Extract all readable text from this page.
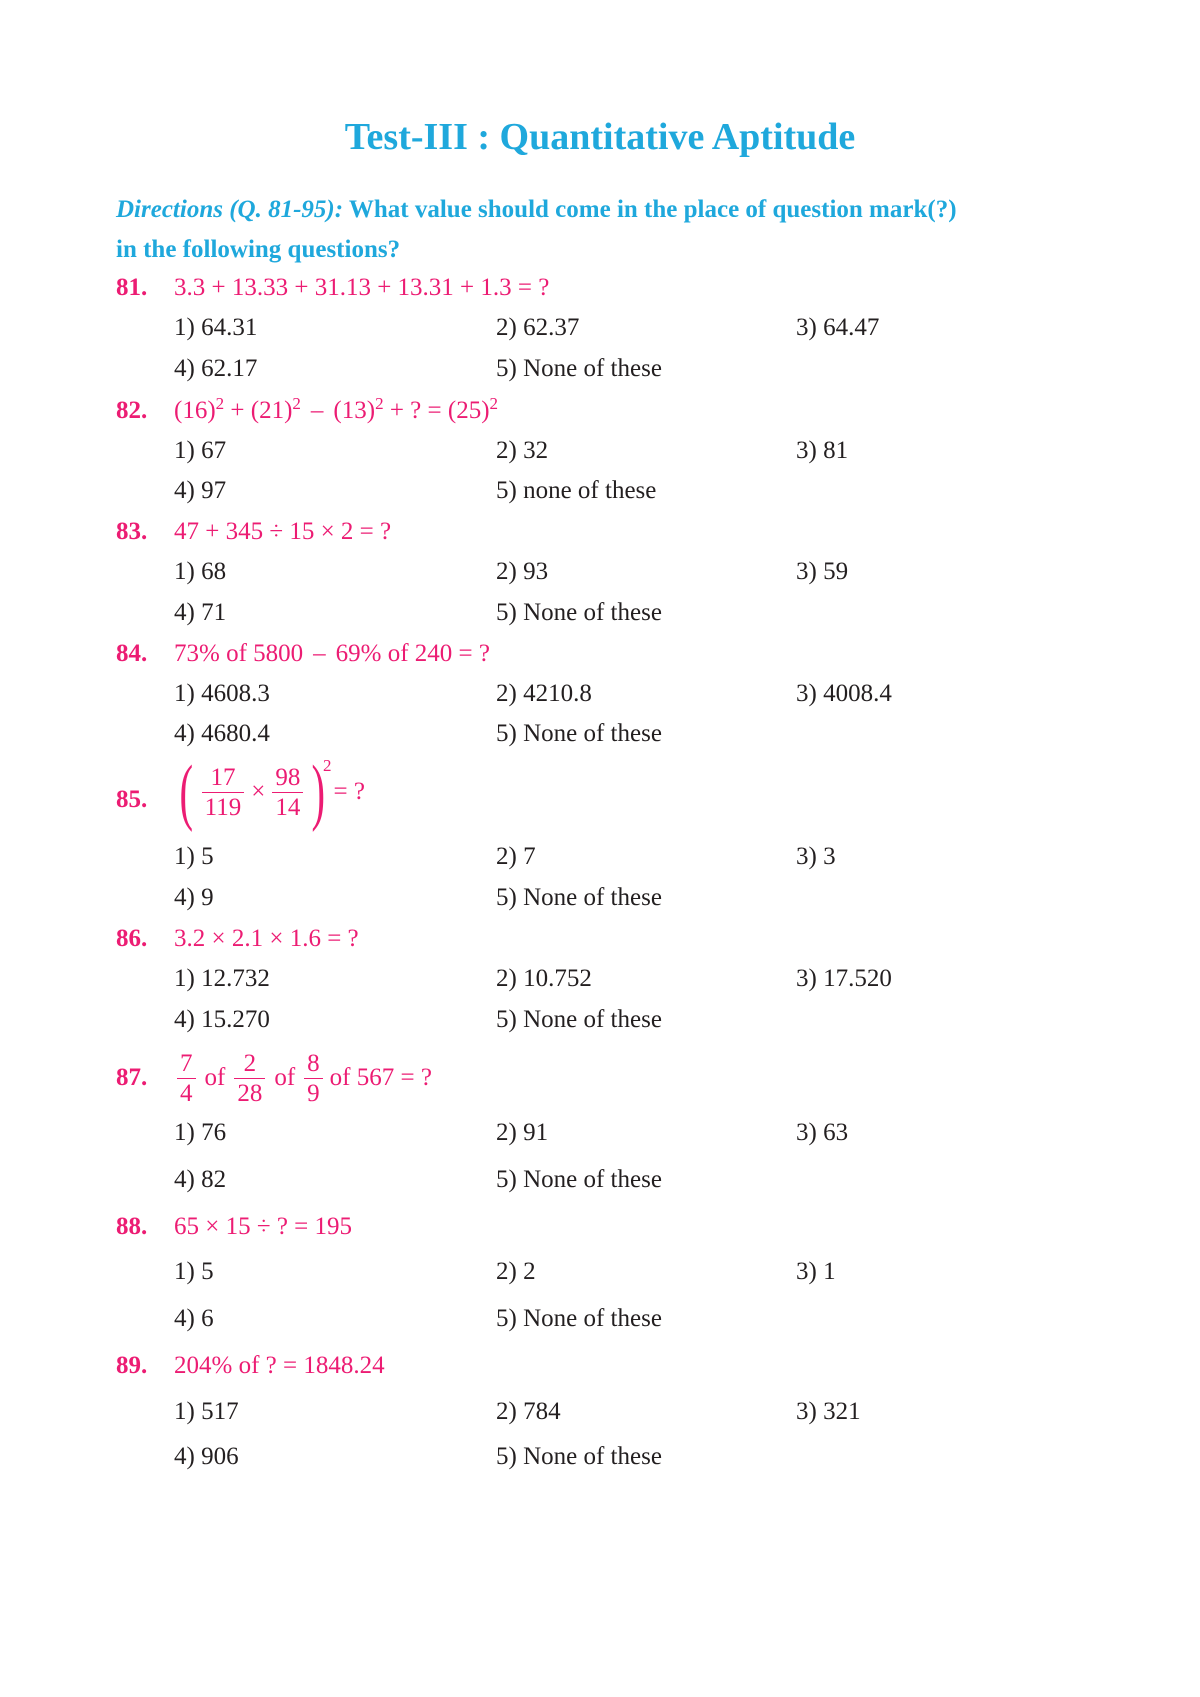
Test-III : Quantitative Aptitude
Directions (Q. 81-95): What value should come in the place of question mark(?)
in the following questions?
81. 3.3 + 13.33 + 31.13 + 13.31 + 1.3 = ?
1) 64.31	2) 62.37	3) 64.47
4) 62.17	5) None of these
82. $(16)^2 + (21)^2 - (13)^2$ + ? = $(25)^2$
1) 67	2) 32	3) 81
4) 97	5) none of these
83. 47 + 345 ÷ 15 × 2 = ?
1) 68	2) 93	3) 59
4) 71	5) None of these
84. 73% of 5800 – 69% of 240 = ?
1) 4608.3	2) 4210.8	3) 4008.4
4) 4680.4	5) None of these
85. ( $\frac{17}{119} \times \frac{98}{14}$ )
2
= ?
1) 5	2) 7	3) 3
4) 9	5) None of these
86. 3.2 × 2.1 × 1.6 = ?
1) 12.732	2) 10.752	3) 17.520
4) 15.270	5) None of these
87. $\frac{7}{4}$ of $\frac{2}{28}$ of $\frac{8}{9}$ of 567 = ?
1) 76	2) 91	3) 63
4) 82	5) None of these
88. 65 × 15 ÷ ? = 195
1) 5	2) 2	3) 1
4) 6	5) None of these
89. 204% of ? = 1848.24
1) 517	2) 784	3) 321
4) 906	5) None of these
